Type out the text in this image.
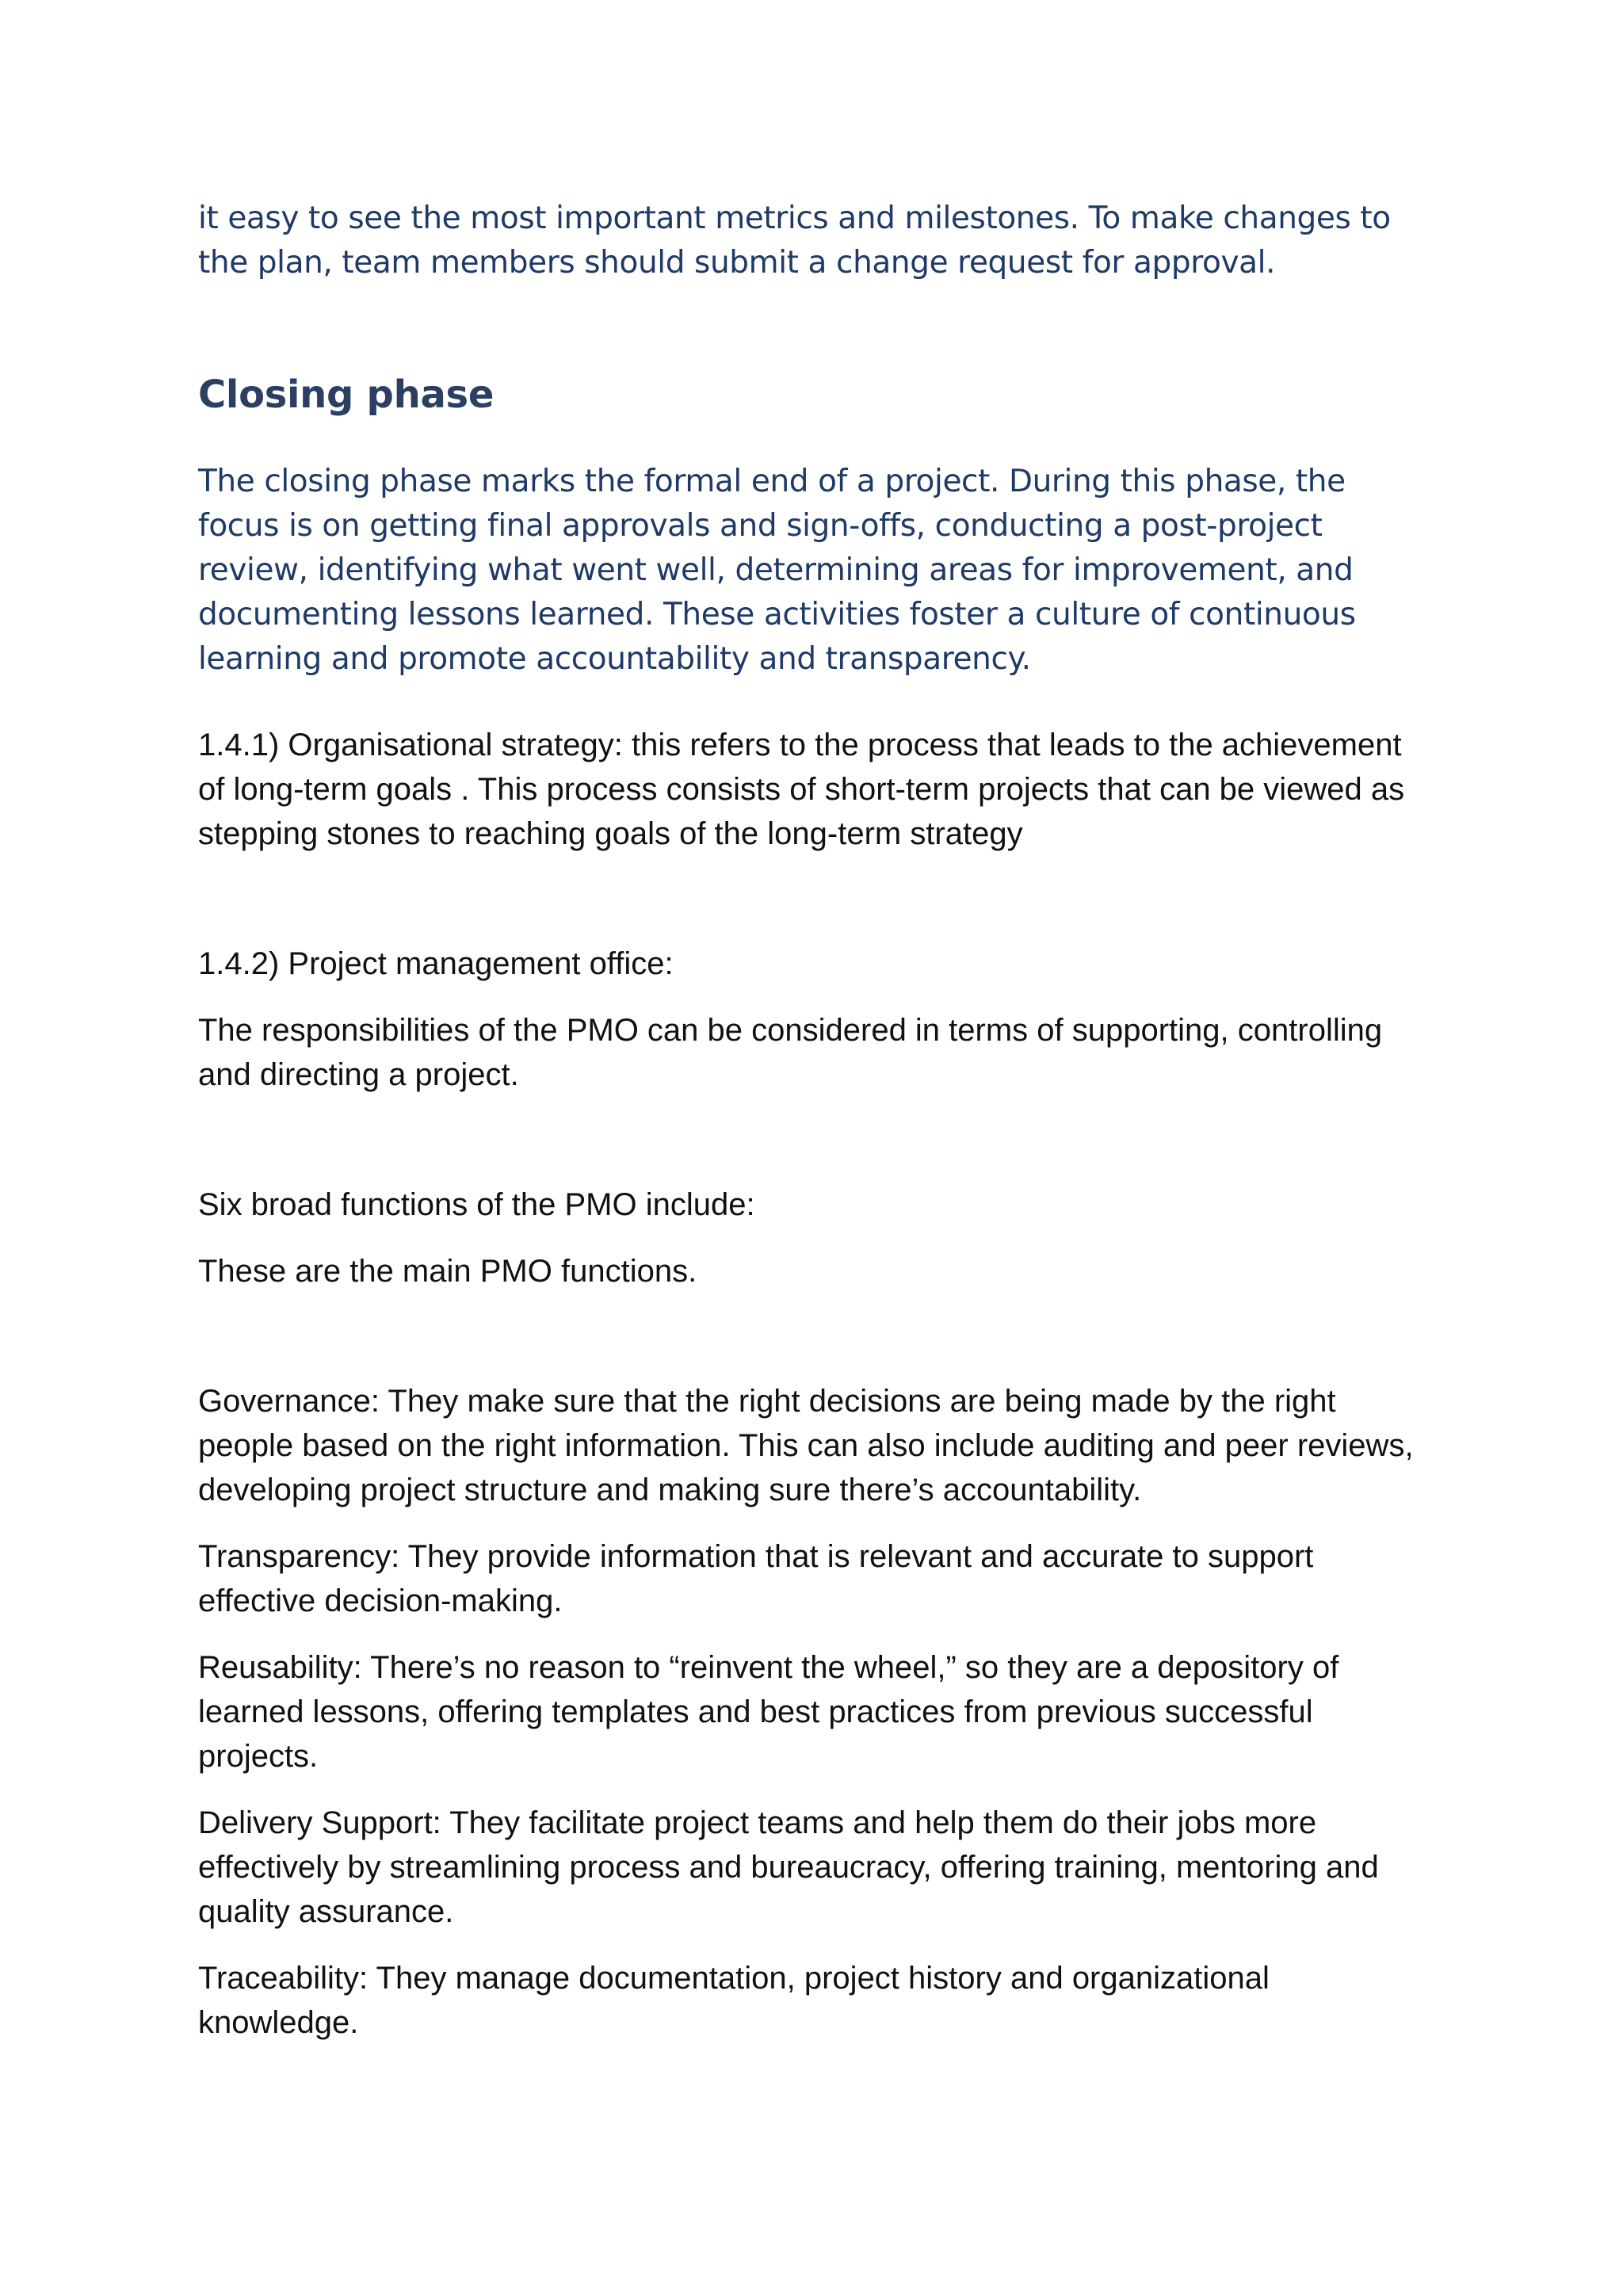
it easy to see the most important metrics and milestones. To make changes to the plan, team members should submit a change request for approval.

Closing phase

The closing phase marks the formal end of a project. During this phase, the focus is on getting final approvals and sign-offs, conducting a post-project review, identifying what went well, determining areas for improvement, and documenting lessons learned. These activities foster a culture of continuous learning and promote accountability and transparency.

1.4.1) Organisational strategy: this refers to the process that leads to the achievement of long-term goals . This process consists of short-term projects that can be viewed as stepping stones to reaching goals of the long-term strategy

1.4.2) Project management office:

The responsibilities of the PMO can be considered in terms of supporting, controlling and directing a project.

Six broad functions of the PMO include:

These are the main PMO functions.

Governance: They make sure that the right decisions are being made by the right people based on the right information. This can also include auditing and peer reviews, developing project structure and making sure there’s accountability.

Transparency: They provide information that is relevant and accurate to support effective decision-making.

Reusability: There’s no reason to “reinvent the wheel,” so they are a depository of learned lessons, offering templates and best practices from previous successful projects.

Delivery Support: They facilitate project teams and help them do their jobs more effectively by streamlining process and bureaucracy, offering training, mentoring and quality assurance.

Traceability: They manage documentation, project history and organizational knowledge.
